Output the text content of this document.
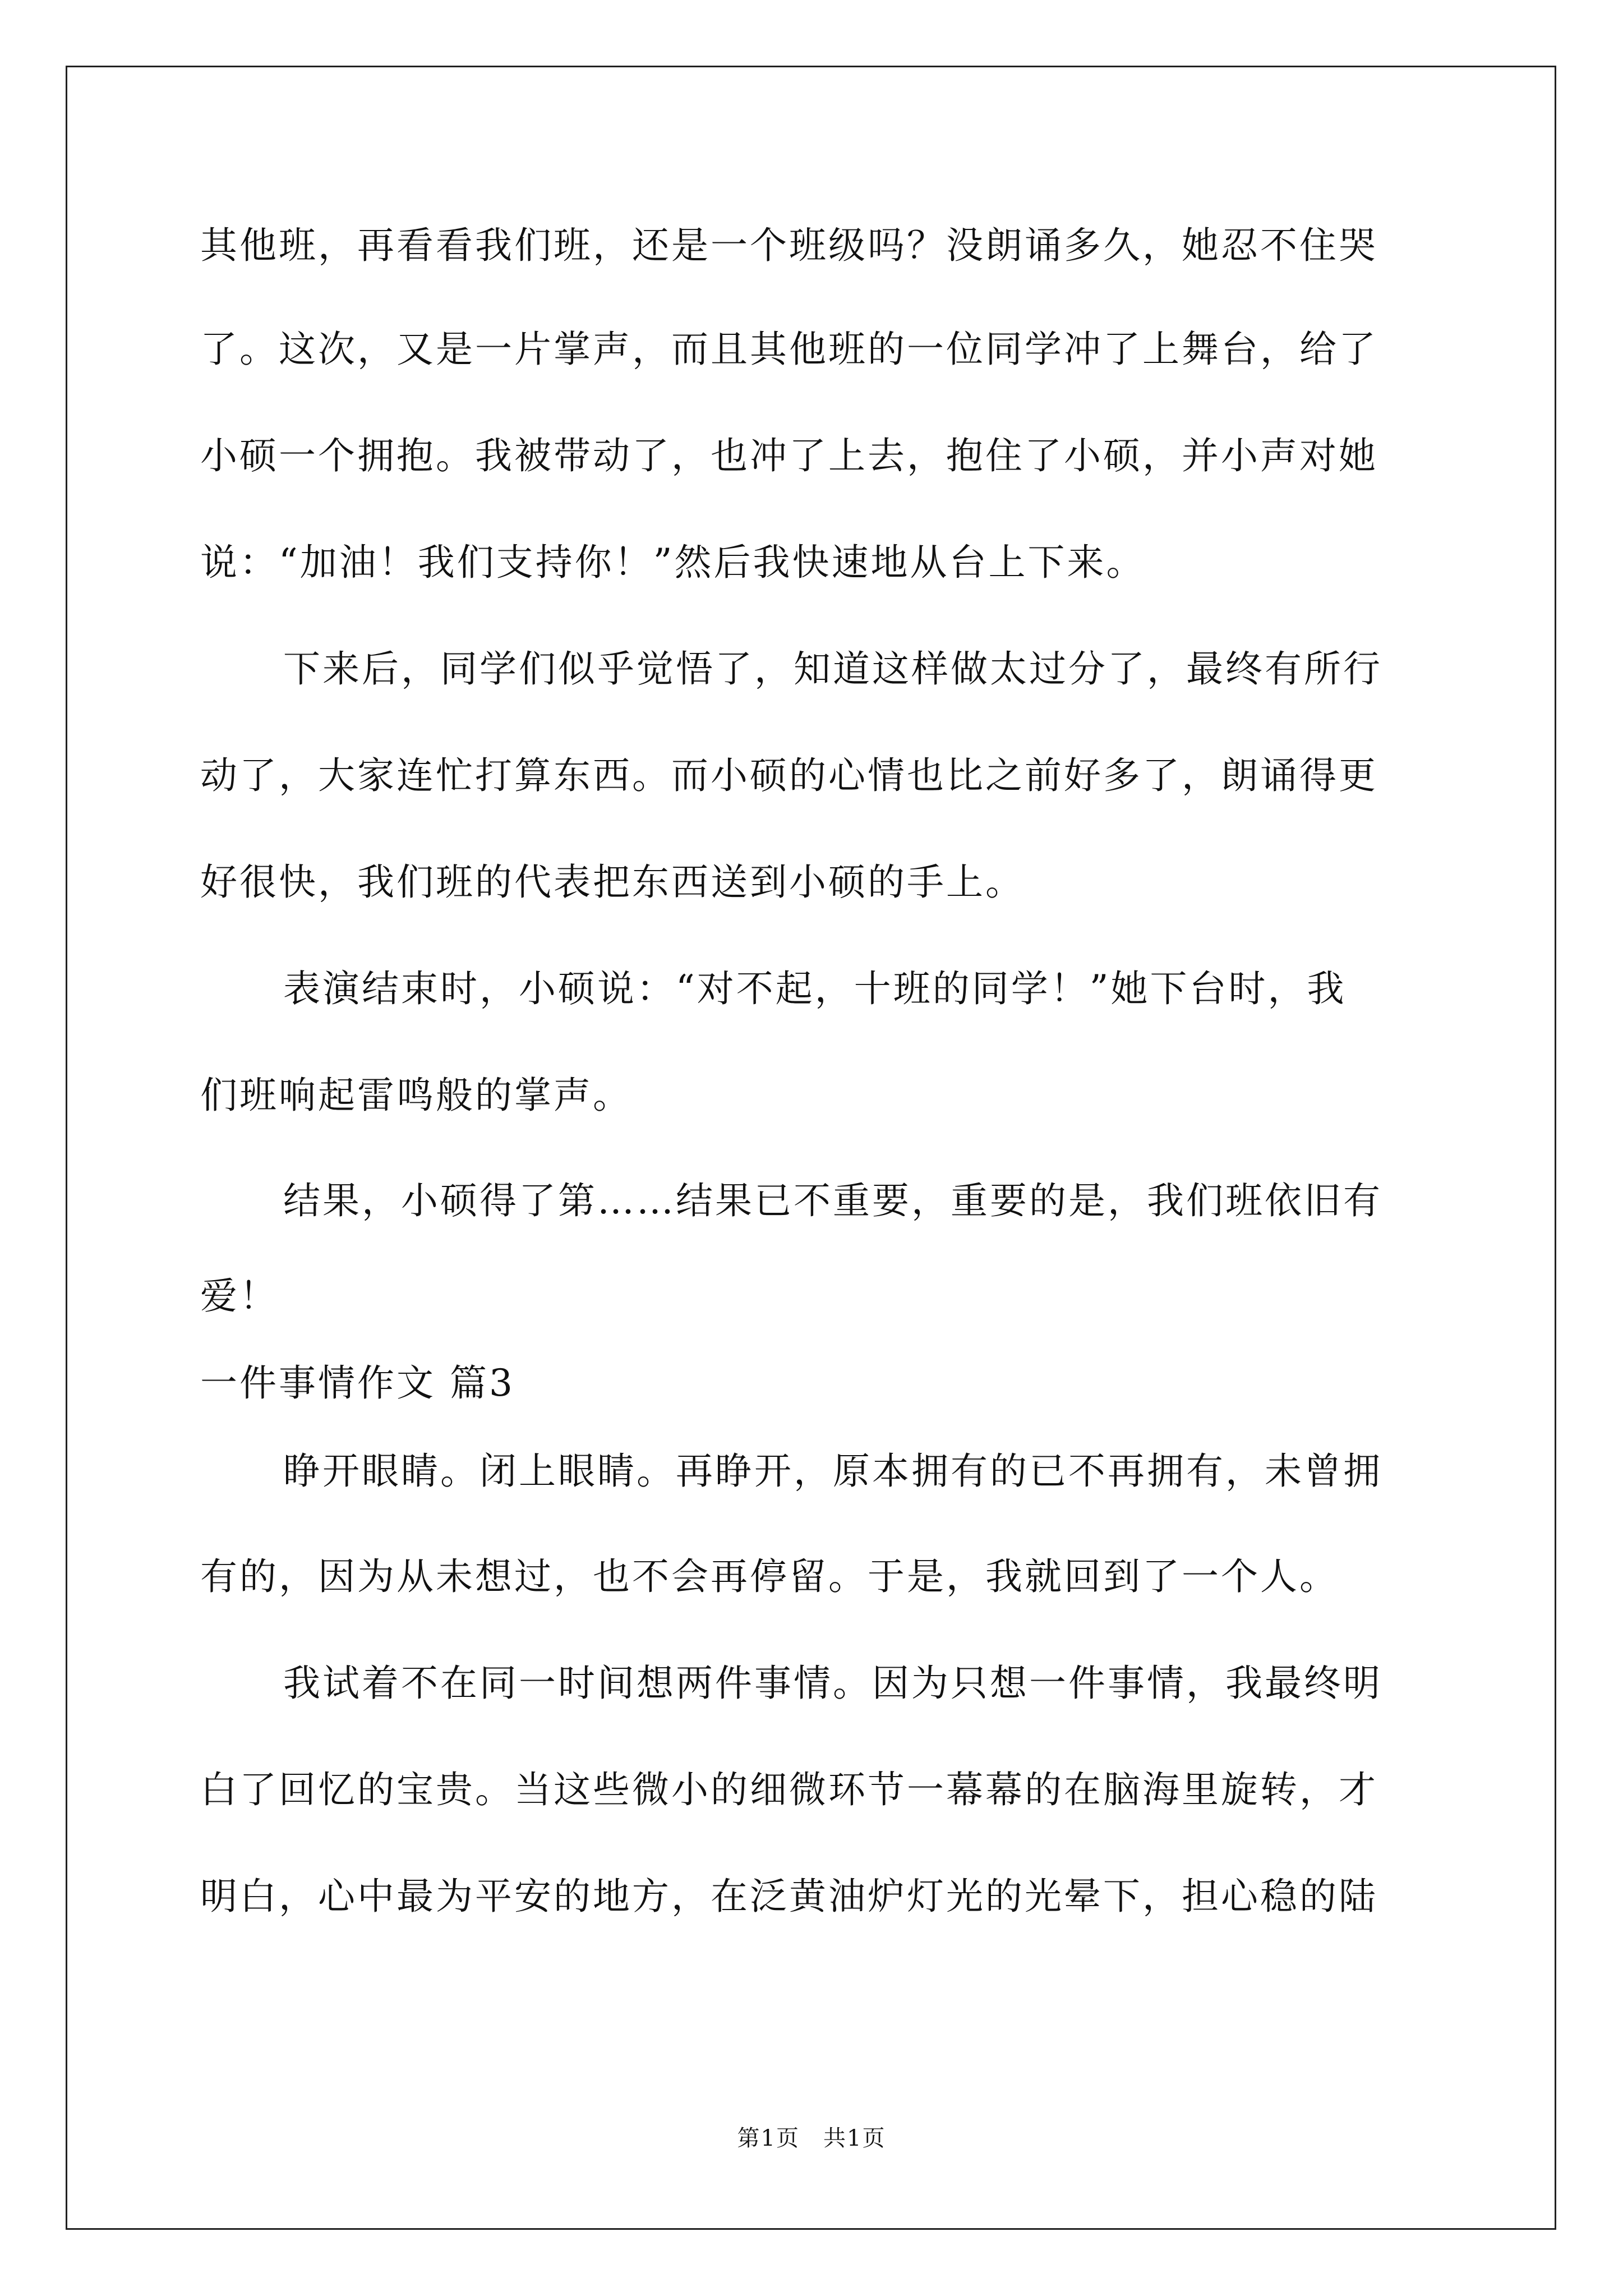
其他班，再看看我们班，还是一个班级吗？没朗诵多久，她忍不住哭
了。这次，又是一片掌声，而且其他班的一位同学冲了上舞台，给了
小硕一个拥抱。我被带动了，也冲了上去，抱住了小硕，并小声对她
说：“加油！我们支持你！”然后我快速地从台上下来。
下来后，同学们似乎觉悟了，知道这样做太过分了，最终有所行
动了，大家连忙打算东西。而小硕的心情也比之前好多了，朗诵得更
好很快，我们班的代表把东西送到小硕的手上。
表演结束时，小硕说：“对不起，十班的同学！”她下台时，我
们班响起雷鸣般的掌声。
结果，小硕得了第……结果已不重要，重要的是，我们班依旧有
爱！
一件事情作文 篇3
睁开眼睛。闭上眼睛。再睁开，原本拥有的已不再拥有，未曾拥
有的，因为从未想过，也不会再停留。于是，我就回到了一个人。
我试着不在同一时间想两件事情。因为只想一件事情，我最终明
白了回忆的宝贵。当这些微小的细微环节一幕幕的在脑海里旋转，才
明白，心中最为平安的地方，在泛黄油炉灯光的光晕下，担心稳的陆
第1页　共1页
